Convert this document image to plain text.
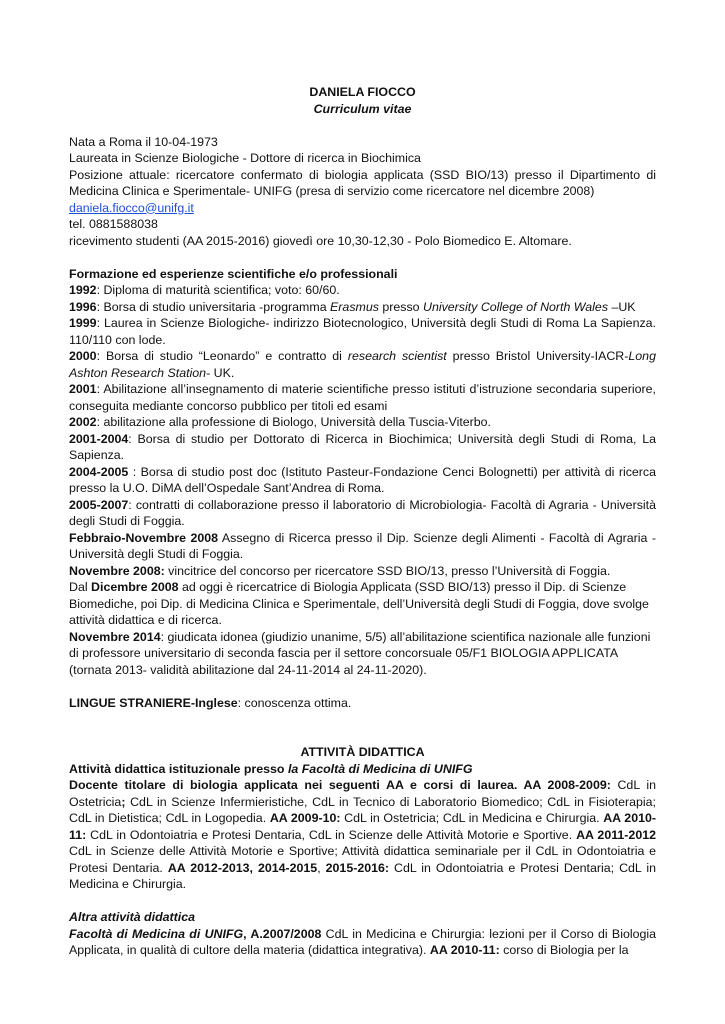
DANIELA FIOCCO
Curriculum vitae

Nata a Roma il 10-04-1973

Laureata in Scienze Biologiche - Dottore di ricerca in Biochimica

Posizione attuale: ricercatore confermato di biologia applicata (SSD BIO/13) presso il Dipartimento di Medicina Clinica e Sperimentale- UNIFG (presa di servizio come ricercatore nel dicembre 2008)

daniela.fiocco@unifg.it

tel. 0881588038

ricevimento studenti (AA 2015-2016) giovedì ore 10,30-12,30 - Polo Biomedico E. Altomare.

Formazione ed esperienze scientifiche e/o professionali

1992: Diploma di maturità scientifica; voto: 60/60.

1996: Borsa di studio universitaria -programma Erasmus presso University College of North Wales –UK

1999: Laurea in Scienze Biologiche- indirizzo Biotecnologico, Università degli Studi di Roma La Sapienza. 110/110 con lode.

2000: Borsa di studio “Leonardo” e contratto di research scientist presso Bristol University-IACR-Long Ashton Research Station- UK.

2001: Abilitazione all’insegnamento di materie scientifiche presso istituti d’istruzione secondaria superiore, conseguita mediante concorso pubblico per titoli ed esami

2002: abilitazione alla professione di Biologo, Università della Tuscia-Viterbo.

2001-2004: Borsa di studio per Dottorato di Ricerca in Biochimica; Università degli Studi di Roma, La Sapienza.

2004-2005 : Borsa di studio post doc (Istituto Pasteur-Fondazione Cenci Bolognetti) per attività di ricerca presso la U.O. DiMA dell’Ospedale Sant’Andrea di Roma.

2005-2007: contratti di collaborazione presso il laboratorio di Microbiologia- Facoltà di Agraria - Università degli Studi di Foggia.

Febbraio-Novembre 2008 Assegno di Ricerca presso il Dip. Scienze degli Alimenti - Facoltà di Agraria - Università degli Studi di Foggia.

Novembre 2008: vincitrice del concorso per ricercatore SSD BIO/13, presso l’Università di Foggia.

Dal Dicembre 2008 ad oggi è ricercatrice di Biologia Applicata (SSD BIO/13) presso il Dip. di Scienze Biomediche, poi Dip. di Medicina Clinica e Sperimentale, dell’Università degli Studi di Foggia, dove svolge attività didattica e di ricerca.

Novembre 2014: giudicata idonea (giudizio unanime, 5/5) all’abilitazione scientifica nazionale alle funzioni di professore universitario di seconda fascia per il settore concorsuale 05/F1 BIOLOGIA APPLICATA (tornata 2013- validità abilitazione dal 24-11-2014 al 24-11-2020).

LINGUE STRANIERE-Inglese: conoscenza ottima.

ATTIVITÀ DIDATTICA

Attività didattica istituzionale presso la Facoltà di Medicina di UNIFG

Docente titolare di biologia applicata nei seguenti AA e corsi di laurea. AA 2008-2009: CdL in Ostetricia; CdL in Scienze Infermieristiche, CdL in Tecnico di Laboratorio Biomedico; CdL in Fisioterapia; CdL in Dietistica; CdL in Logopedia. AA 2009-10: CdL in Ostetricia; CdL in Medicina e Chirurgia. AA 2010-11: CdL in Odontoiatria e Protesi Dentaria, CdL in Scienze delle Attività Motorie e Sportive. AA 2011-2012 CdL in Scienze delle Attività Motorie e Sportive; Attività didattica seminariale per il CdL in Odontoiatria e Protesi Dentaria. AA 2012-2013, 2014-2015, 2015-2016: CdL in Odontoiatria e Protesi Dentaria; CdL in Medicina e Chirurgia.

Altra attività didattica

Facoltà di Medicina di UNIFG, A.2007/2008 CdL in Medicina e Chirurgia: lezioni per il Corso di Biologia Applicata, in qualità di cultore della materia (didattica integrativa). AA 2010-11: corso di Biologia per la
